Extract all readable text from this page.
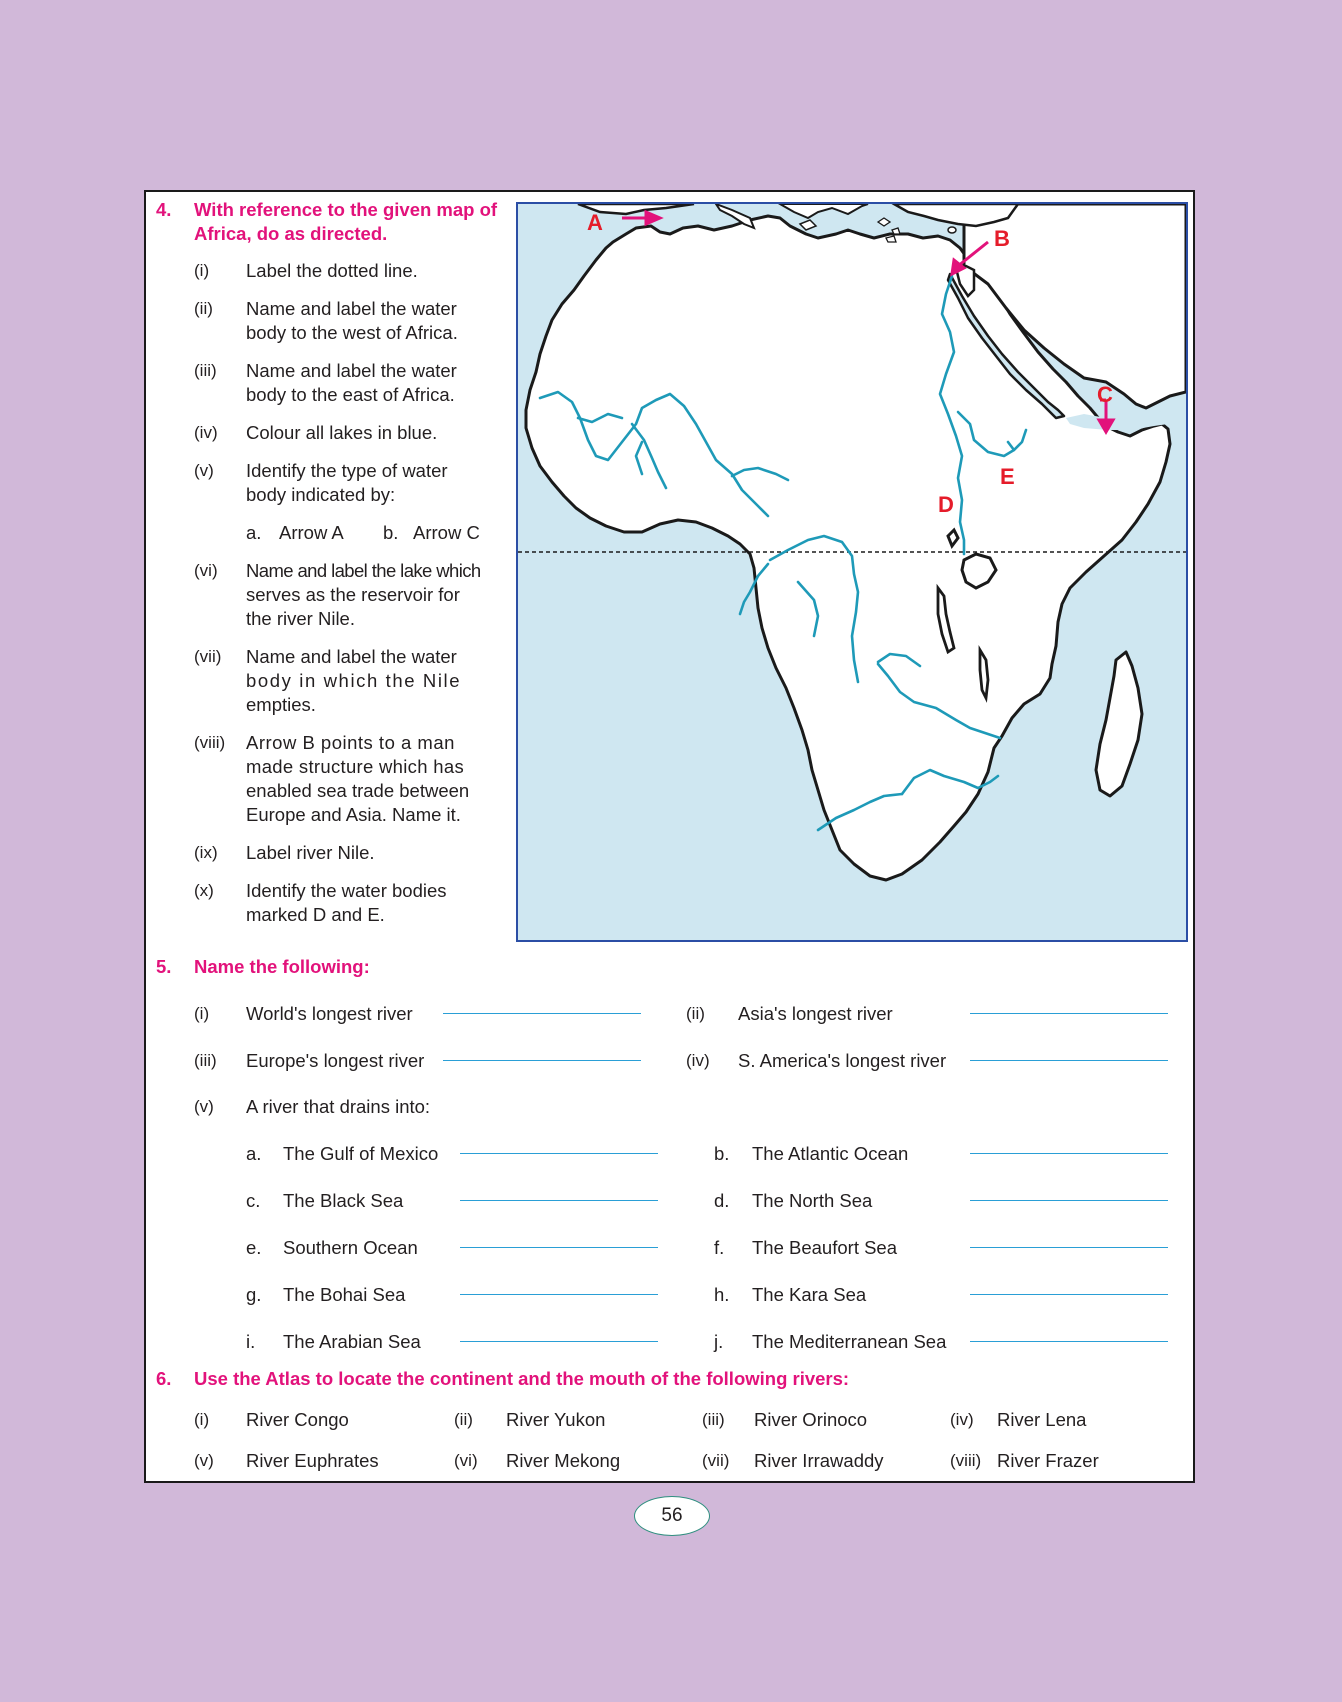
4. With reference to the given map of
Africa, do as directed.
(i) Label the dotted line.
(ii) Name and label the water
body to the west of Africa.
(iii) Name and label the water
body to the east of Africa.
(iv) Colour all lakes in blue.
(v) Identify the type of water
body indicated by:
a. Arrow A b. Arrow C
(vi) Name and label the lake which
serves as the reservoir for
the river Nile.
(vii) Name and label the water
body in which the Nile
empties.
(viii) Arrow B points to a man
made structure which has
enabled sea trade between
Europe and Asia. Name it.
(ix) Label river Nile.
(x) Identify the water bodies
marked D and E.
A
B
C
D
E
5. Name the following:
(i) World's longest river	(ii) Asia's longest river
(iii) Europe's longest river	(iv) S. America's longest river
(v) A river that drains into:
a. The Gulf of Mexico	b. The Atlantic Ocean
c. The Black Sea	d. The North Sea
e. Southern Ocean	f. The Beaufort Sea
g. The Bohai Sea	h. The Kara Sea
i. The Arabian Sea	j. The Mediterranean Sea
6. Use the Atlas to locate the continent and the mouth of the following rivers:
(i) River Congo	(ii) River Yukon	(iii) River Orinoco	(iv) River Lena
(v) River Euphrates	(vi) River Mekong	(vii) River Irrawaddy	(viii) River Frazer
56
